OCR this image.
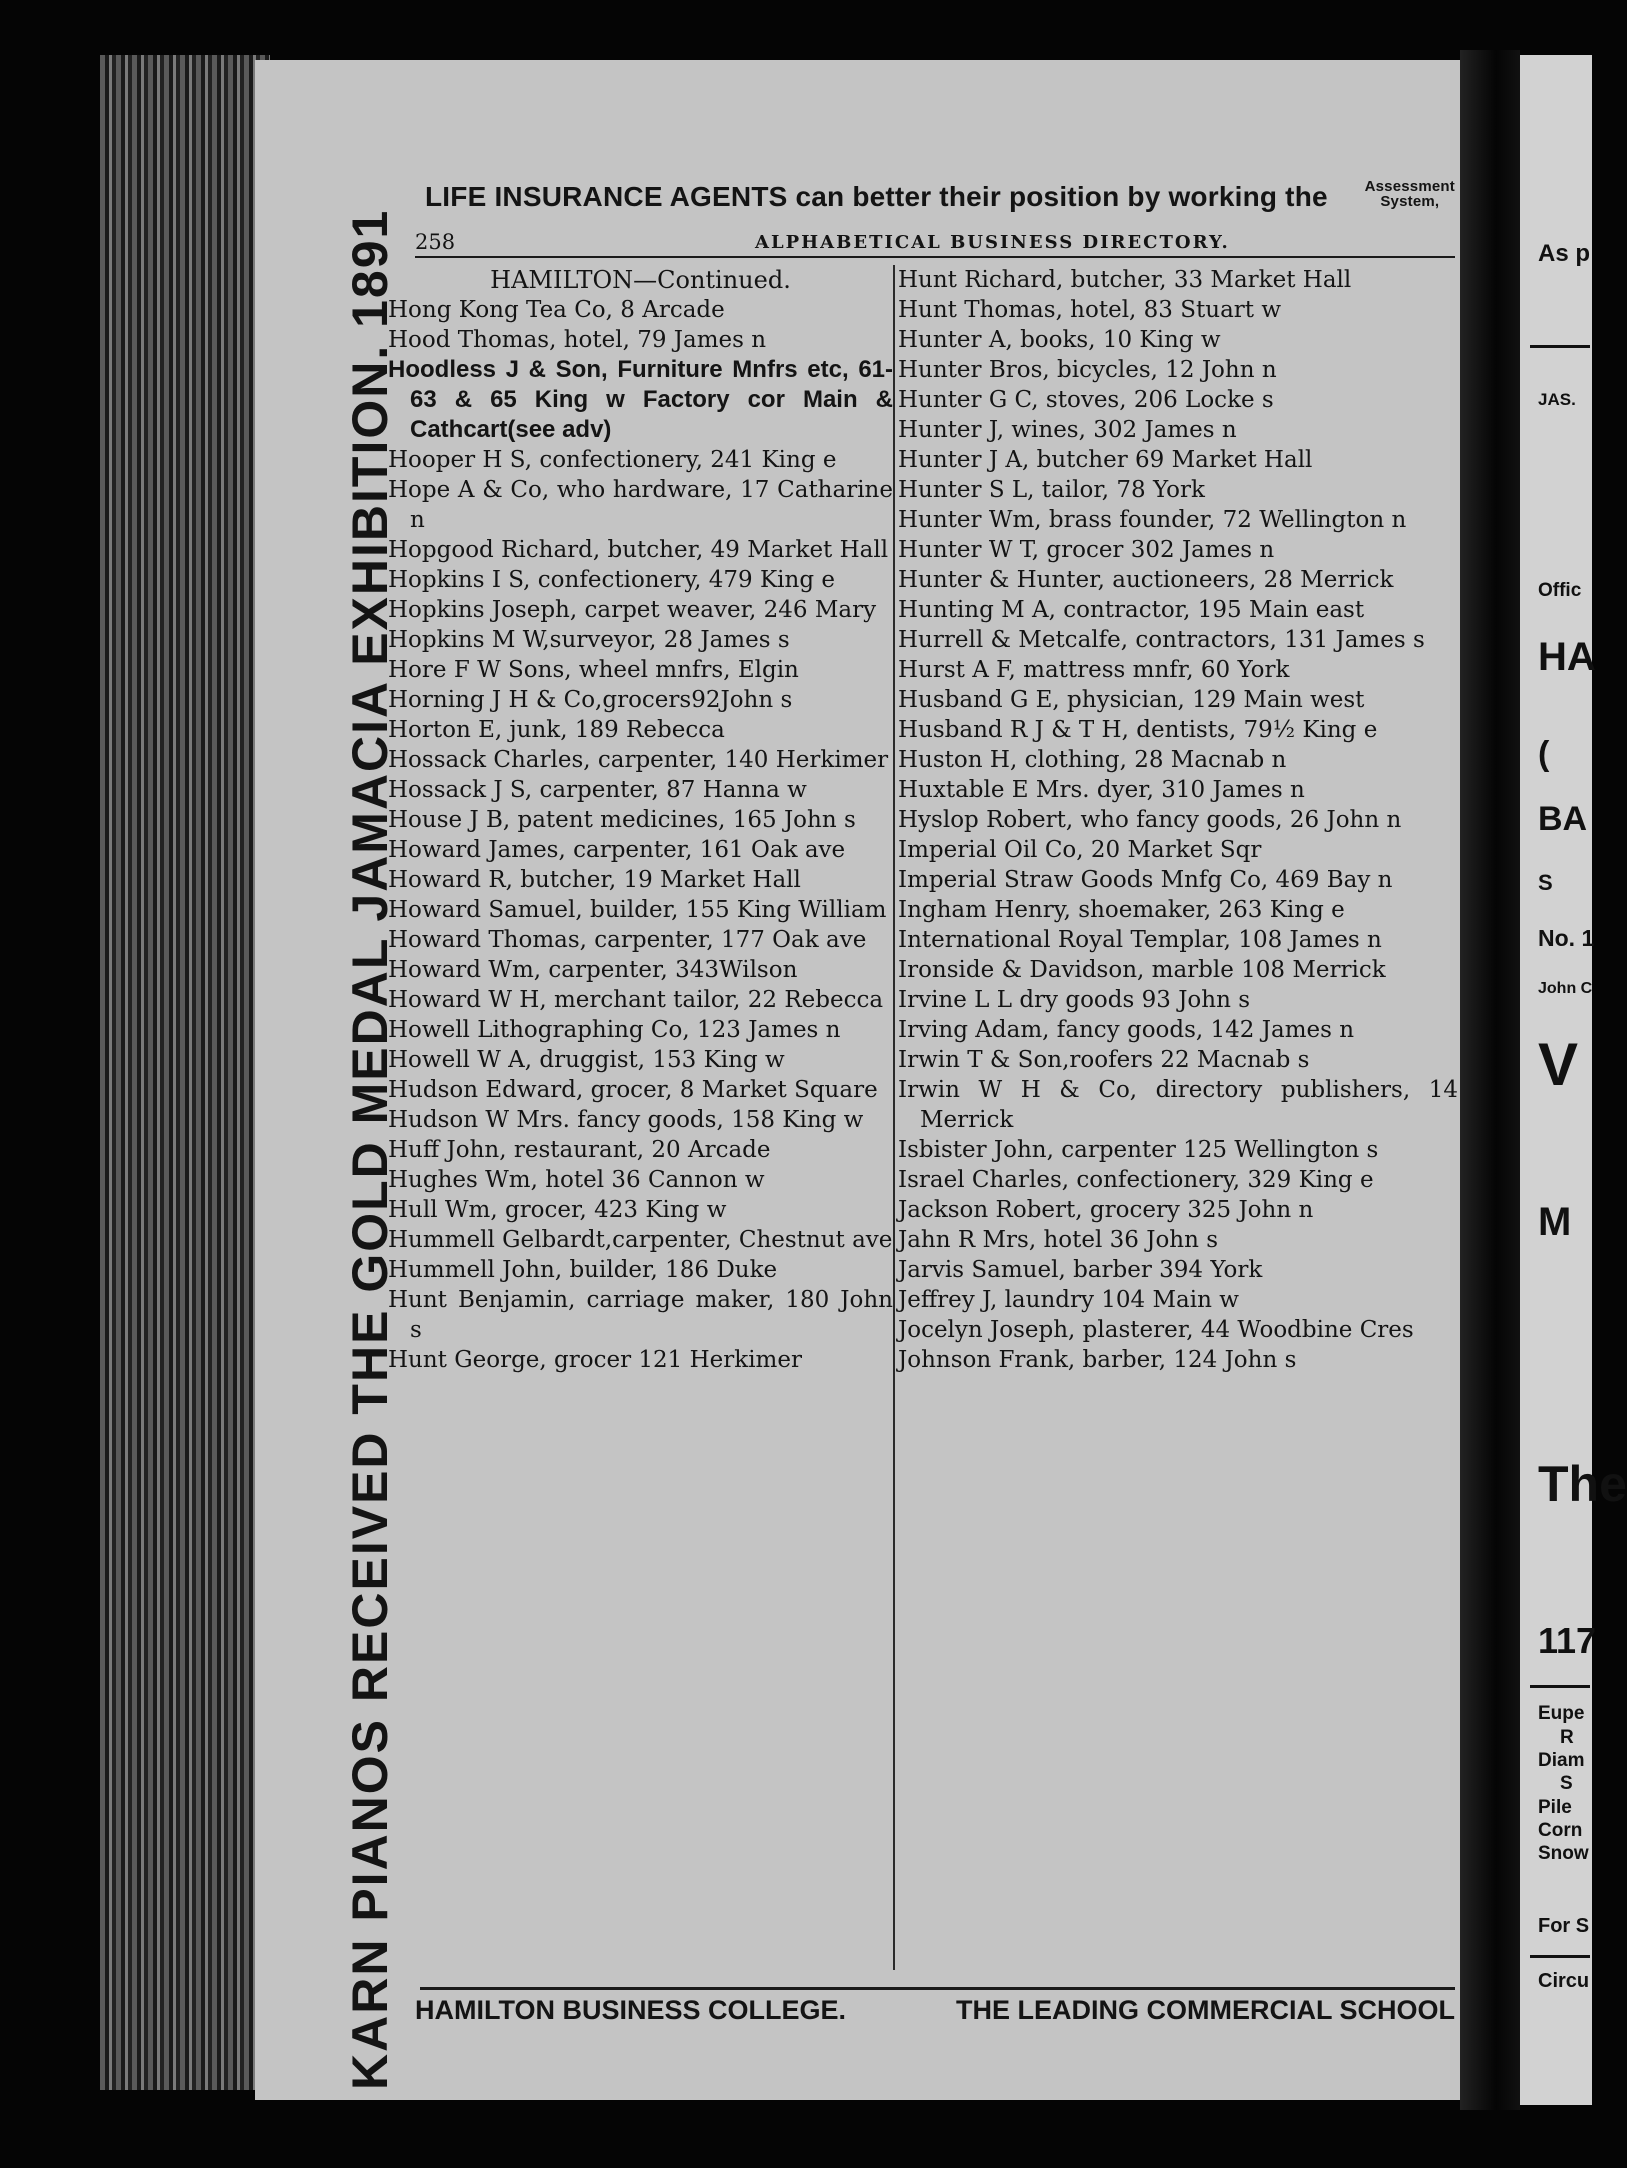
LIFE INSURANCE AGENTS can better their position by working the Assessment
System,
258	ALPHABETICAL BUSINESS DIRECTORY.
KARN PIANOS RECEIVED THE GOLD MEDAL JAMACIA EXHIBITION. 1891	HAMILTON—Continued.
Hong Kong Tea Co, 8 Arcade
Hood Thomas, hotel, 79 James n
Hoodless J & Son, Furniture Mnfrs etc, 61-63 & 65 King w Factory cor Main & Cathcart(see adv)
Hooper H S, confectionery, 241 King e
Hope A & Co, who hardware, 17 Catharine n
Hopgood Richard, butcher, 49 Market Hall
Hopkins I S, confectionery, 479 King e
Hopkins Joseph, carpet weaver, 246 Mary
Hopkins M W,surveyor, 28 James s
Hore F W Sons, wheel mnfrs, Elgin
Horning J H & Co,grocers92John s
Horton E, junk, 189 Rebecca
Hossack Charles, carpenter, 140 Herkimer
Hossack J S, carpenter, 87 Hanna w
House J B, patent medicines, 165 John s
Howard James, carpenter, 161 Oak ave
Howard R, butcher, 19 Market Hall
Howard Samuel, builder, 155 King William
Howard Thomas, carpenter, 177 Oak ave
Howard Wm, carpenter, 343Wilson
Howard W H, merchant tailor, 22 Rebecca
Howell Lithographing Co, 123 James n
Howell W A, druggist, 153 King w
Hudson Edward, grocer, 8 Market Square
Hudson W Mrs. fancy goods, 158 King w
Huff John, restaurant, 20 Arcade
Hughes Wm, hotel 36 Cannon w
Hull Wm, grocer, 423 King w
Hummell Gelbardt,carpenter, Chestnut ave
Hummell John, builder, 186 Duke
Hunt Benjamin, carriage maker, 180 John s
Hunt George, grocer 121 Herkimer
Hunt Richard, butcher, 33 Market Hall
Hunt Thomas, hotel, 83 Stuart w
Hunter A, books, 10 King w
Hunter Bros, bicycles, 12 John n
Hunter G C, stoves, 206 Locke s
Hunter J, wines, 302 James n
Hunter J A, butcher 69 Market Hall
Hunter S L, tailor, 78 York
Hunter Wm, brass founder, 72 Wellington n
Hunter W T, grocer 302 James n
Hunter & Hunter, auctioneers, 28 Merrick
Hunting M A, contractor, 195 Main east
Hurrell & Metcalfe, contractors, 131 James s
Hurst A F, mattress mnfr, 60 York
Husband G E, physician, 129 Main west
Husband R J & T H, dentists, 79½ King e
Huston H, clothing, 28 Macnab n
Huxtable E Mrs. dyer, 310 James n
Hyslop Robert, who fancy goods, 26 John n
Imperial Oil Co, 20 Market Sqr
Imperial Straw Goods Mnfg Co, 469 Bay n
Ingham Henry, shoemaker, 263 King e
International Royal Templar, 108 James n
Ironside & Davidson, marble 108 Merrick
Irvine L L dry goods 93 John s
Irving Adam, fancy goods, 142 James n
Irwin T & Son,roofers 22 Macnab s
Irwin W H & Co, directory publishers, 14 Merrick
Isbister John, carpenter 125 Wellington s
Israel Charles, confectionery, 329 King e
Jackson Robert, grocery 325 John n
Jahn R Mrs, hotel 36 John s
Jarvis Samuel, barber 394 York
Jeffrey J, laundry 104 Main w
Jocelyn Joseph, plasterer, 44 Woodbine Cres
Johnson Frank, barber, 124 John s
HAMILTON BUSINESS COLLEGE.	THE LEADING COMMERCIAL SCHOOL
As p
JAS.
Offic
HA
(
BA
S
No. 1
John C
V
M
The
117
Eupe
R
Diam
S
Pile
Corn
Snow
For S
Circu
